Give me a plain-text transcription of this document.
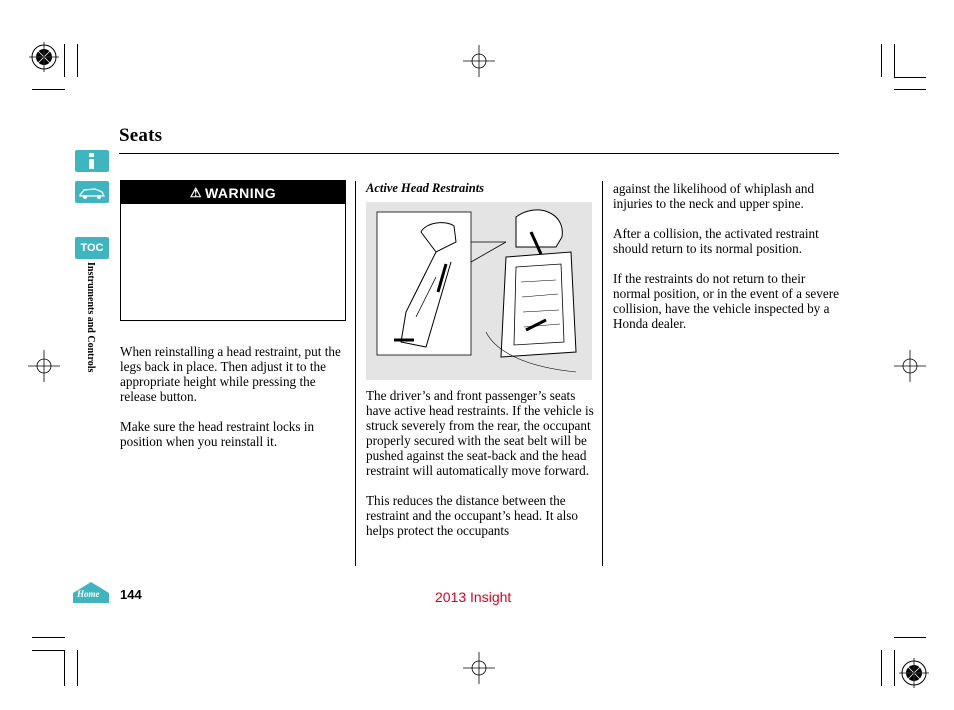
Seats
TOC
Instruments and Controls
Home
⚠ WARNING

When reinstalling a head restraint, put the legs back in place. Then adjust it to the appropriate height while pressing the release button.

Make sure the head restraint locks in position when you reinstall it.

Active Head Restraints

The driver’s and front passenger’s seats have active head restraints. If the vehicle is struck severely from the rear, the occupant properly secured with the seat belt will be pushed against the seat-back and the head restraint will automatically move forward.

This reduces the distance between the restraint and the occupant’s head. It also helps protect the occupants

against the likelihood of whiplash and injuries to the neck and upper spine.

After a collision, the activated restraint should return to its normal position.

If the restraints do not return to their normal position, or in the event of a severe collision, have the vehicle inspected by a Honda dealer.

144	2013 Insight
